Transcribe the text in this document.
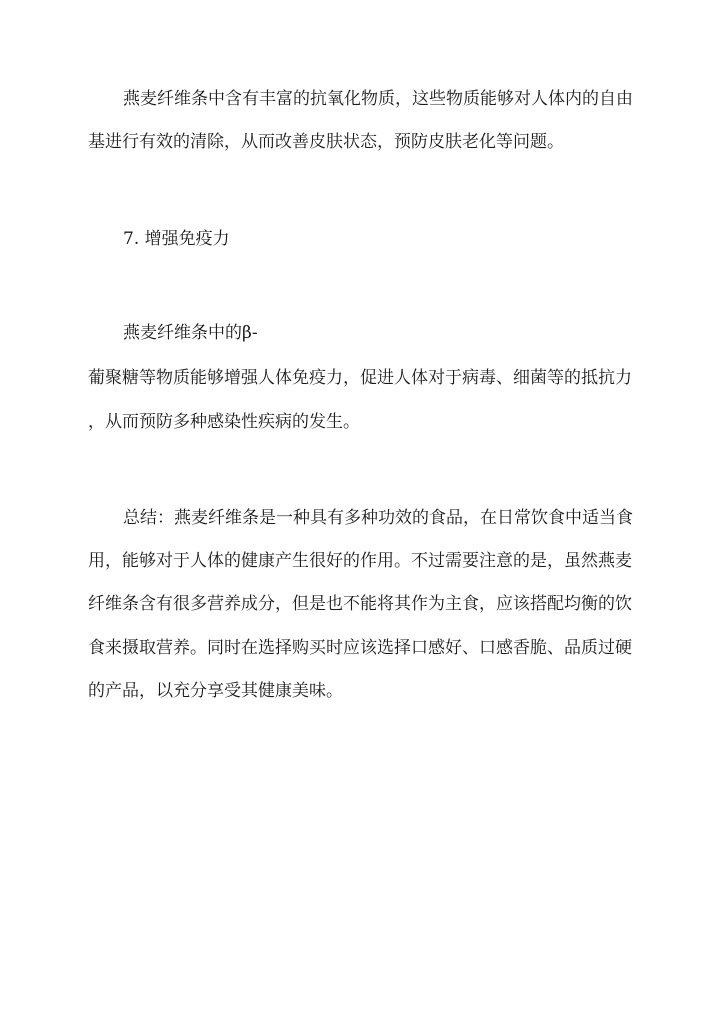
燕麦纤维条中含有丰富的抗氧化物质，这些物质能够对人体内的自由
基进行有效的清除，从而改善皮肤状态，预防皮肤老化等问题。
7. 增强免疫力
燕麦纤维条中的β-
葡聚糖等物质能够增强人体免疫力，促进人体对于病毒、细菌等的抵抗力
，从而预防多种感染性疾病的发生。
总结：燕麦纤维条是一种具有多种功效的食品，在日常饮食中适当食
用，能够对于人体的健康产生很好的作用。不过需要注意的是，虽然燕麦
纤维条含有很多营养成分，但是也不能将其作为主食，应该搭配均衡的饮
食来摄取营养。同时在选择购买时应该选择口感好、口感香脆、品质过硬
的产品，以充分享受其健康美味。
